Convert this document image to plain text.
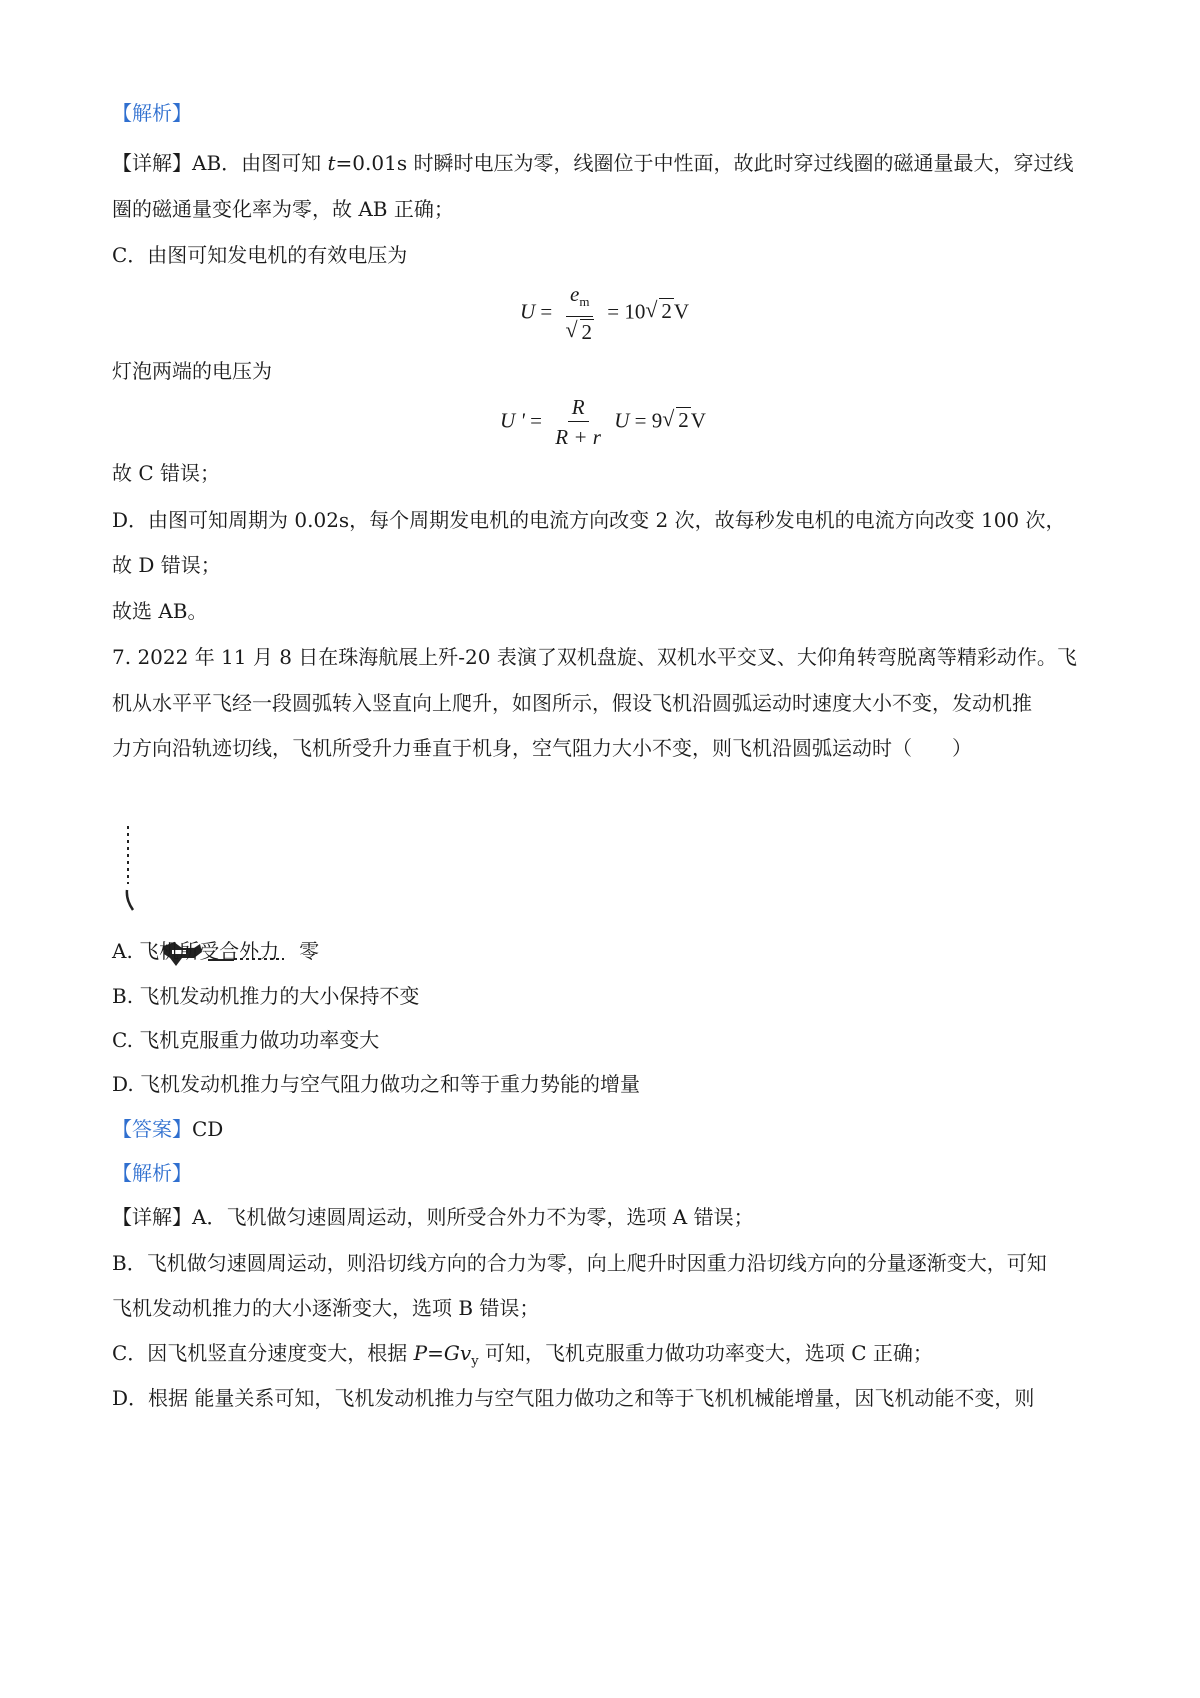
【解析】
【详解】AB．由图可知 t=0.01s 时瞬时电压为零，线圈位于中性面，故此时穿过线圈的磁通量最大，穿过线
圈的磁通量变化率为零，故 AB 正确；
C．由图可知发电机的有效电压为
$U = \frac{e_m}{√ 2} = 10$ √ 2V
灯泡两端的电压为
U ' = $\frac{R}{R + r}$ U = 9 √ 2V
故 C 错误；
D．由图可知周期为 0.02s，每个周期发电机的电流方向改变 2 次，故每秒发电机的电流方向改变 100 次，
故 D 错误；
故选 AB。
7. 2022 年 11 月 8 日在珠海航展上歼-20 表演了双机盘旋、双机水平交叉、大仰角转弯脱离等精彩动作。飞
机从水平平飞经一段圆弧转入竖直向上爬升，如图所示，假设飞机沿圆弧运动时速度大小不变，发动机推
力方向沿轨迹切线，飞机所受升力垂直于机身，空气阻力大小不变，则飞机沿圆弧运动时（　　）
A. 飞机所受合外力　零
B. 飞机发动机推力的大小保持不变
C. 飞机克服重力做功功率变大
D. 飞机发动机推力与空气阻力做功之和等于重力势能的增量
【答案】CD
【解析】
【详解】A．飞机做匀速圆周运动，则所受合外力不为零，选项 A 错误；
B．飞机做匀速圆周运动，则沿切线方向的合力为零，向上爬升时因重力沿切线方向的分量逐渐变大，可知
飞机发动机推力的大小逐渐变大，选项 B 错误；
C．因飞机竖直分速度变大，根据 $P=Gv_y$ 可知，飞机克服重力做功功率变大，选项 C 正确；
D．根据 能量关系可知，飞机发动机推力与空气阻力做功之和等于飞机机械能增量，因飞机动能不变，则
